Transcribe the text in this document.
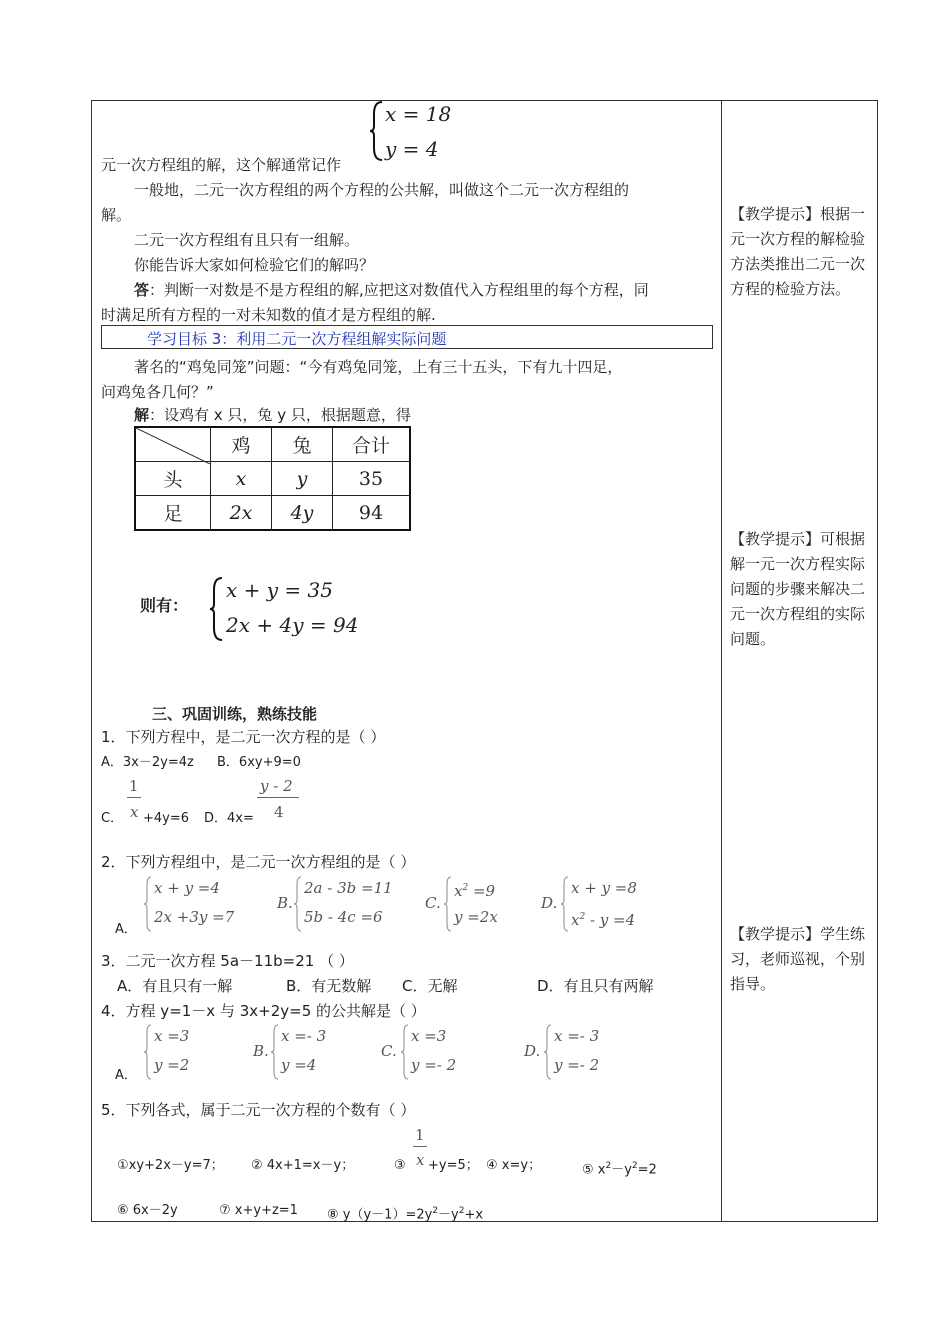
x = 18
y = 4
元一次方程组的解，这个解通常记作
一般地，二元一次方程组的两个方程的公共解，叫做这个二元一次方程组的
解。
二元一次方程组有且只有一组解。
你能告诉大家如何检验它们的解吗？
答：判断一对数是不是方程组的解,应把这对数值代入方程组里的每个方程，同
时满足所有方程的一对未知数的值才是方程组的解.
学习目标 3：利用二元一次方程组解实际问题
著名的“鸡兔同笼”问题：“今有鸡兔同笼，上有三十五头，下有九十四足，
问鸡兔各几何？”
解：设鸡有 x 只，兔 y 只，根据题意，得
	鸡	兔	合计
头	x	y	35
足	2x	4y	94
则有：
x + y = 35
2x + 4y = 94
三、巩固训练，熟练技能
1．下列方程中，是二元一次方程的是（ ）
A．3x－2y=4z B．6xy+9=0
1
x
C． +4y=6 D．4x=
y - 2
4
2．下列方程组中，是二元一次方程组的是（ ）
A．
x + y =4
2x +3y =7
B.
2a - 3b =11
5b - 4c =6
C.
$x^2 =9$
y =2x
D.
x + y =8
$x^2 - y =4$
3．二元一次方程 5a－11b=21 （ ）
A．有且只有一解	B．有无数解 C．无解	D．有且只有两解
4．方程 y=1－x 与 3x+2y=5 的公共解是（ ）
A．
x =3
y =2
B.
x =- 3
y =4
C.
x =3
y =- 2
D.
x =- 3
y =- 2
5．下列各式，属于二元一次方程的个数有（ ）
①xy+2x－y=7； ② 4x+1=x－y；	③
1
x +y=5； ④ x=y；	⑤ $x^2-y^2=2$
⑥ 6x－2y	⑦ x+y+z=1 ⑧ $y(y-1)=2y^2-y^2+x$
【教学提示】根据一元一次方程的解检验方法类推出二元一次方程的检验方法。
【教学提示】可根据解一元一次方程实际问题的步骤来解决二元一次方程组的实际问题。
【教学提示】学生练习，老师巡视，个别指导。
